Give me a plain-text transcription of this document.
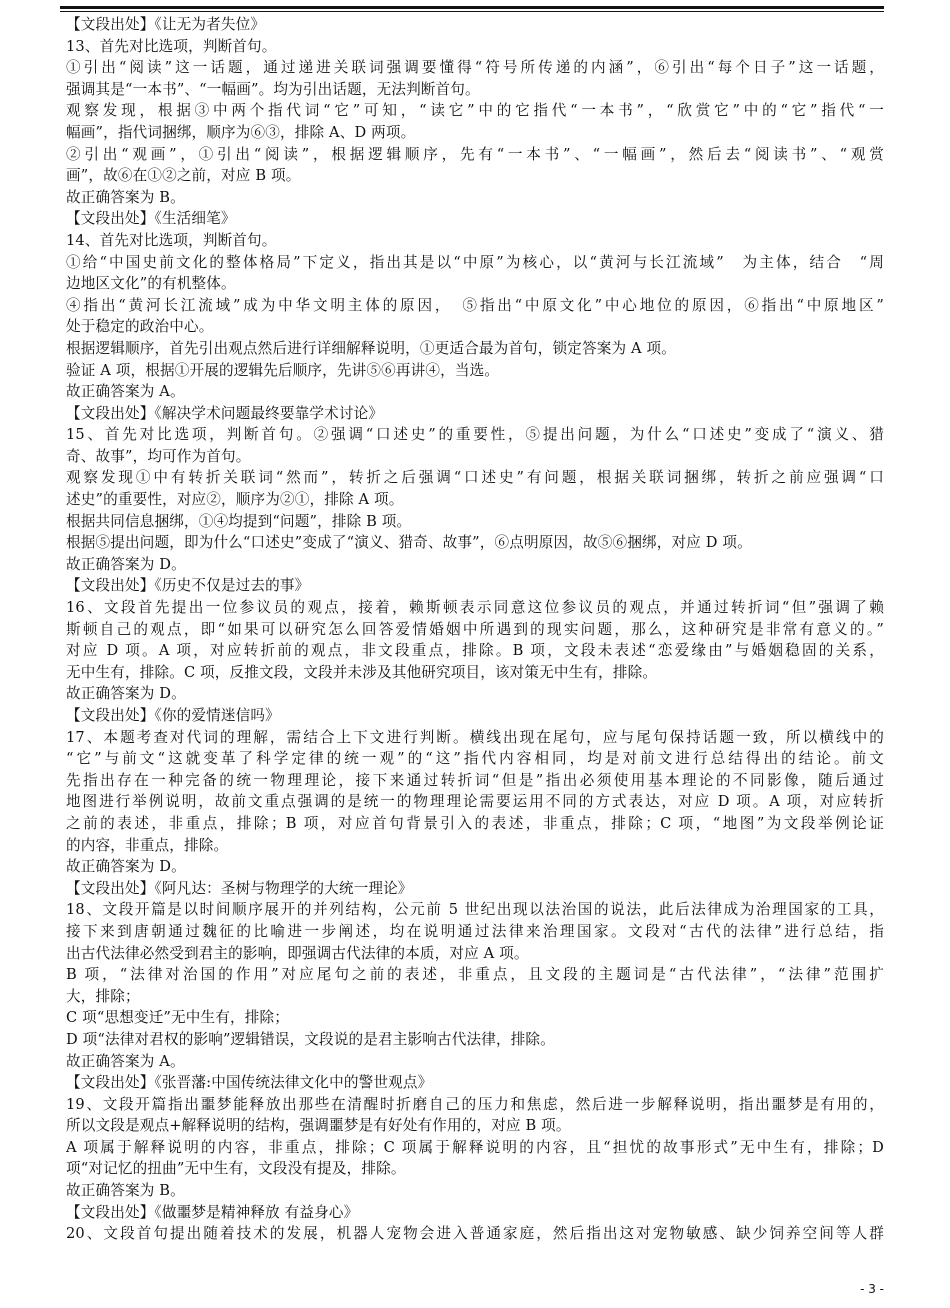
【文段出处】《让无为者失位》
13、首先对比选项，判断首句。
①引出“阅读”这一话题，通过递进关联词强调要懂得“符号所传递的内涵”，⑥引出“每个日子”这一话题，
强调其是“一本书”、“一幅画”。均为引出话题，无法判断首句。
观察发现，根据③中两个指代词“它”可知，“读它”中的它指代“一本书”，“欣赏它”中的“它”指代“一
幅画”，指代词捆绑，顺序为⑥③，排除 A、D 两项。
②引出“观画”，①引出“阅读”，根据逻辑顺序，先有“一本书”、“一幅画”，然后去“阅读书”、“观赏
画”，故⑥在①②之前，对应 B 项。
故正确答案为 B。
【文段出处】《生活细笔》
14、首先对比选项，判断首句。
①给“中国史前文化的整体格局”下定义，指出其是以“中原”为核心，以“黄河与长江流域”　为主体，结合　“周
边地区文化”的有机整体。
④指出“黄河长江流域”成为中华文明主体的原因，　⑤指出“中原文化”中心地位的原因，⑥指出“中原地区”
处于稳定的政治中心。
根据逻辑顺序，首先引出观点然后进行详细解释说明，①更适合最为首句，锁定答案为 A 项。
验证 A 项，根据①开展的逻辑先后顺序，先讲⑤⑥再讲④，当选。
故正确答案为 A。
【文段出处】《解决学术问题最终要靠学术讨论》
15、首先对比选项，判断首句。②强调“口述史”的重要性，⑤提出问题，为什么“口述史”变成了“演义、猎
奇、故事”，均可作为首句。
观察发现①中有转折关联词“然而”，转折之后强调“口述史”有问题，根据关联词捆绑，转折之前应强调“口
述史”的重要性，对应②，顺序为②①，排除 A 项。
根据共同信息捆绑，①④均提到“问题”，排除 B 项。
根据⑤提出问题，即为什么“口述史”变成了“演义、猎奇、故事”，⑥点明原因，故⑤⑥捆绑，对应 D 项。
故正确答案为 D。
【文段出处】《历史不仅是过去的事》
16、文段首先提出一位参议员的观点，接着，赖斯顿表示同意这位参议员的观点，并通过转折词“但”强调了赖
斯顿自己的观点，即“如果可以研究怎么回答爱情婚姻中所遇到的现实问题，那么，这种研究是非常有意义的。”
对应 D 项。A 项，对应转折前的观点，非文段重点，排除。B 项，文段未表述“恋爱缘由”与婚姻稳固的关系，
无中生有，排除。C 项，反推文段，文段并未涉及其他研究项目，该对策无中生有，排除。
故正确答案为 D。
【文段出处】《你的爱情迷信吗》
17、本题考查对代词的理解，需结合上下文进行判断。横线出现在尾句，应与尾句保持话题一致，所以横线中的
“它”与前文“这就变革了科学定律的统一观”的“这”指代内容相同，均是对前文进行总结得出的结论。前文
先指出存在一种完备的统一物理理论，接下来通过转折词“但是”指出必须使用基本理论的不同影像，随后通过
地图进行举例说明，故前文重点强调的是统一的物理理论需要运用不同的方式表达，对应 D 项。A 项，对应转折
之前的表述，非重点，排除；B 项，对应首句背景引入的表述，非重点，排除；C 项，“地图”为文段举例论证
的内容，非重点，排除。
故正确答案为 D。
【文段出处】《阿凡达：圣树与物理学的大统一理论》
18、文段开篇是以时间顺序展开的并列结构，公元前 5 世纪出现以法治国的说法，此后法律成为治理国家的工具，
接下来到唐朝通过魏征的比喻进一步阐述，均在说明通过法律来治理国家。文段对“古代的法律”进行总结，指
出古代法律必然受到君主的影响，即强调古代法律的本质，对应 A 项。
B 项，“法律对治国的作用”对应尾句之前的表述，非重点，且文段的主题词是“古代法律”，“法律”范围扩
大，排除；
C 项“思想变迁”无中生有，排除；
D 项“法律对君权的影响”逻辑错误，文段说的是君主影响古代法律，排除。
故正确答案为 A。
【文段出处】《张晋藩:中国传统法律文化中的警世观点》
19、文段开篇指出噩梦能释放出那些在清醒时折磨自己的压力和焦虑，然后进一步解释说明，指出噩梦是有用的，
所以文段是观点+解释说明的结构，强调噩梦是有好处有作用的，对应 B 项。
A 项属于解释说明的内容，非重点，排除；C 项属于解释说明的内容，且“担忧的故事形式”无中生有，排除；D
项“对记忆的扭曲”无中生有，文段没有提及，排除。
故正确答案为 B。
【文段出处】《做噩梦是精神释放 有益身心》
20、文段首句提出随着技术的发展，机器人宠物会进入普通家庭，然后指出这对宠物敏感、缺少饲养空间等人群
- 3 -
